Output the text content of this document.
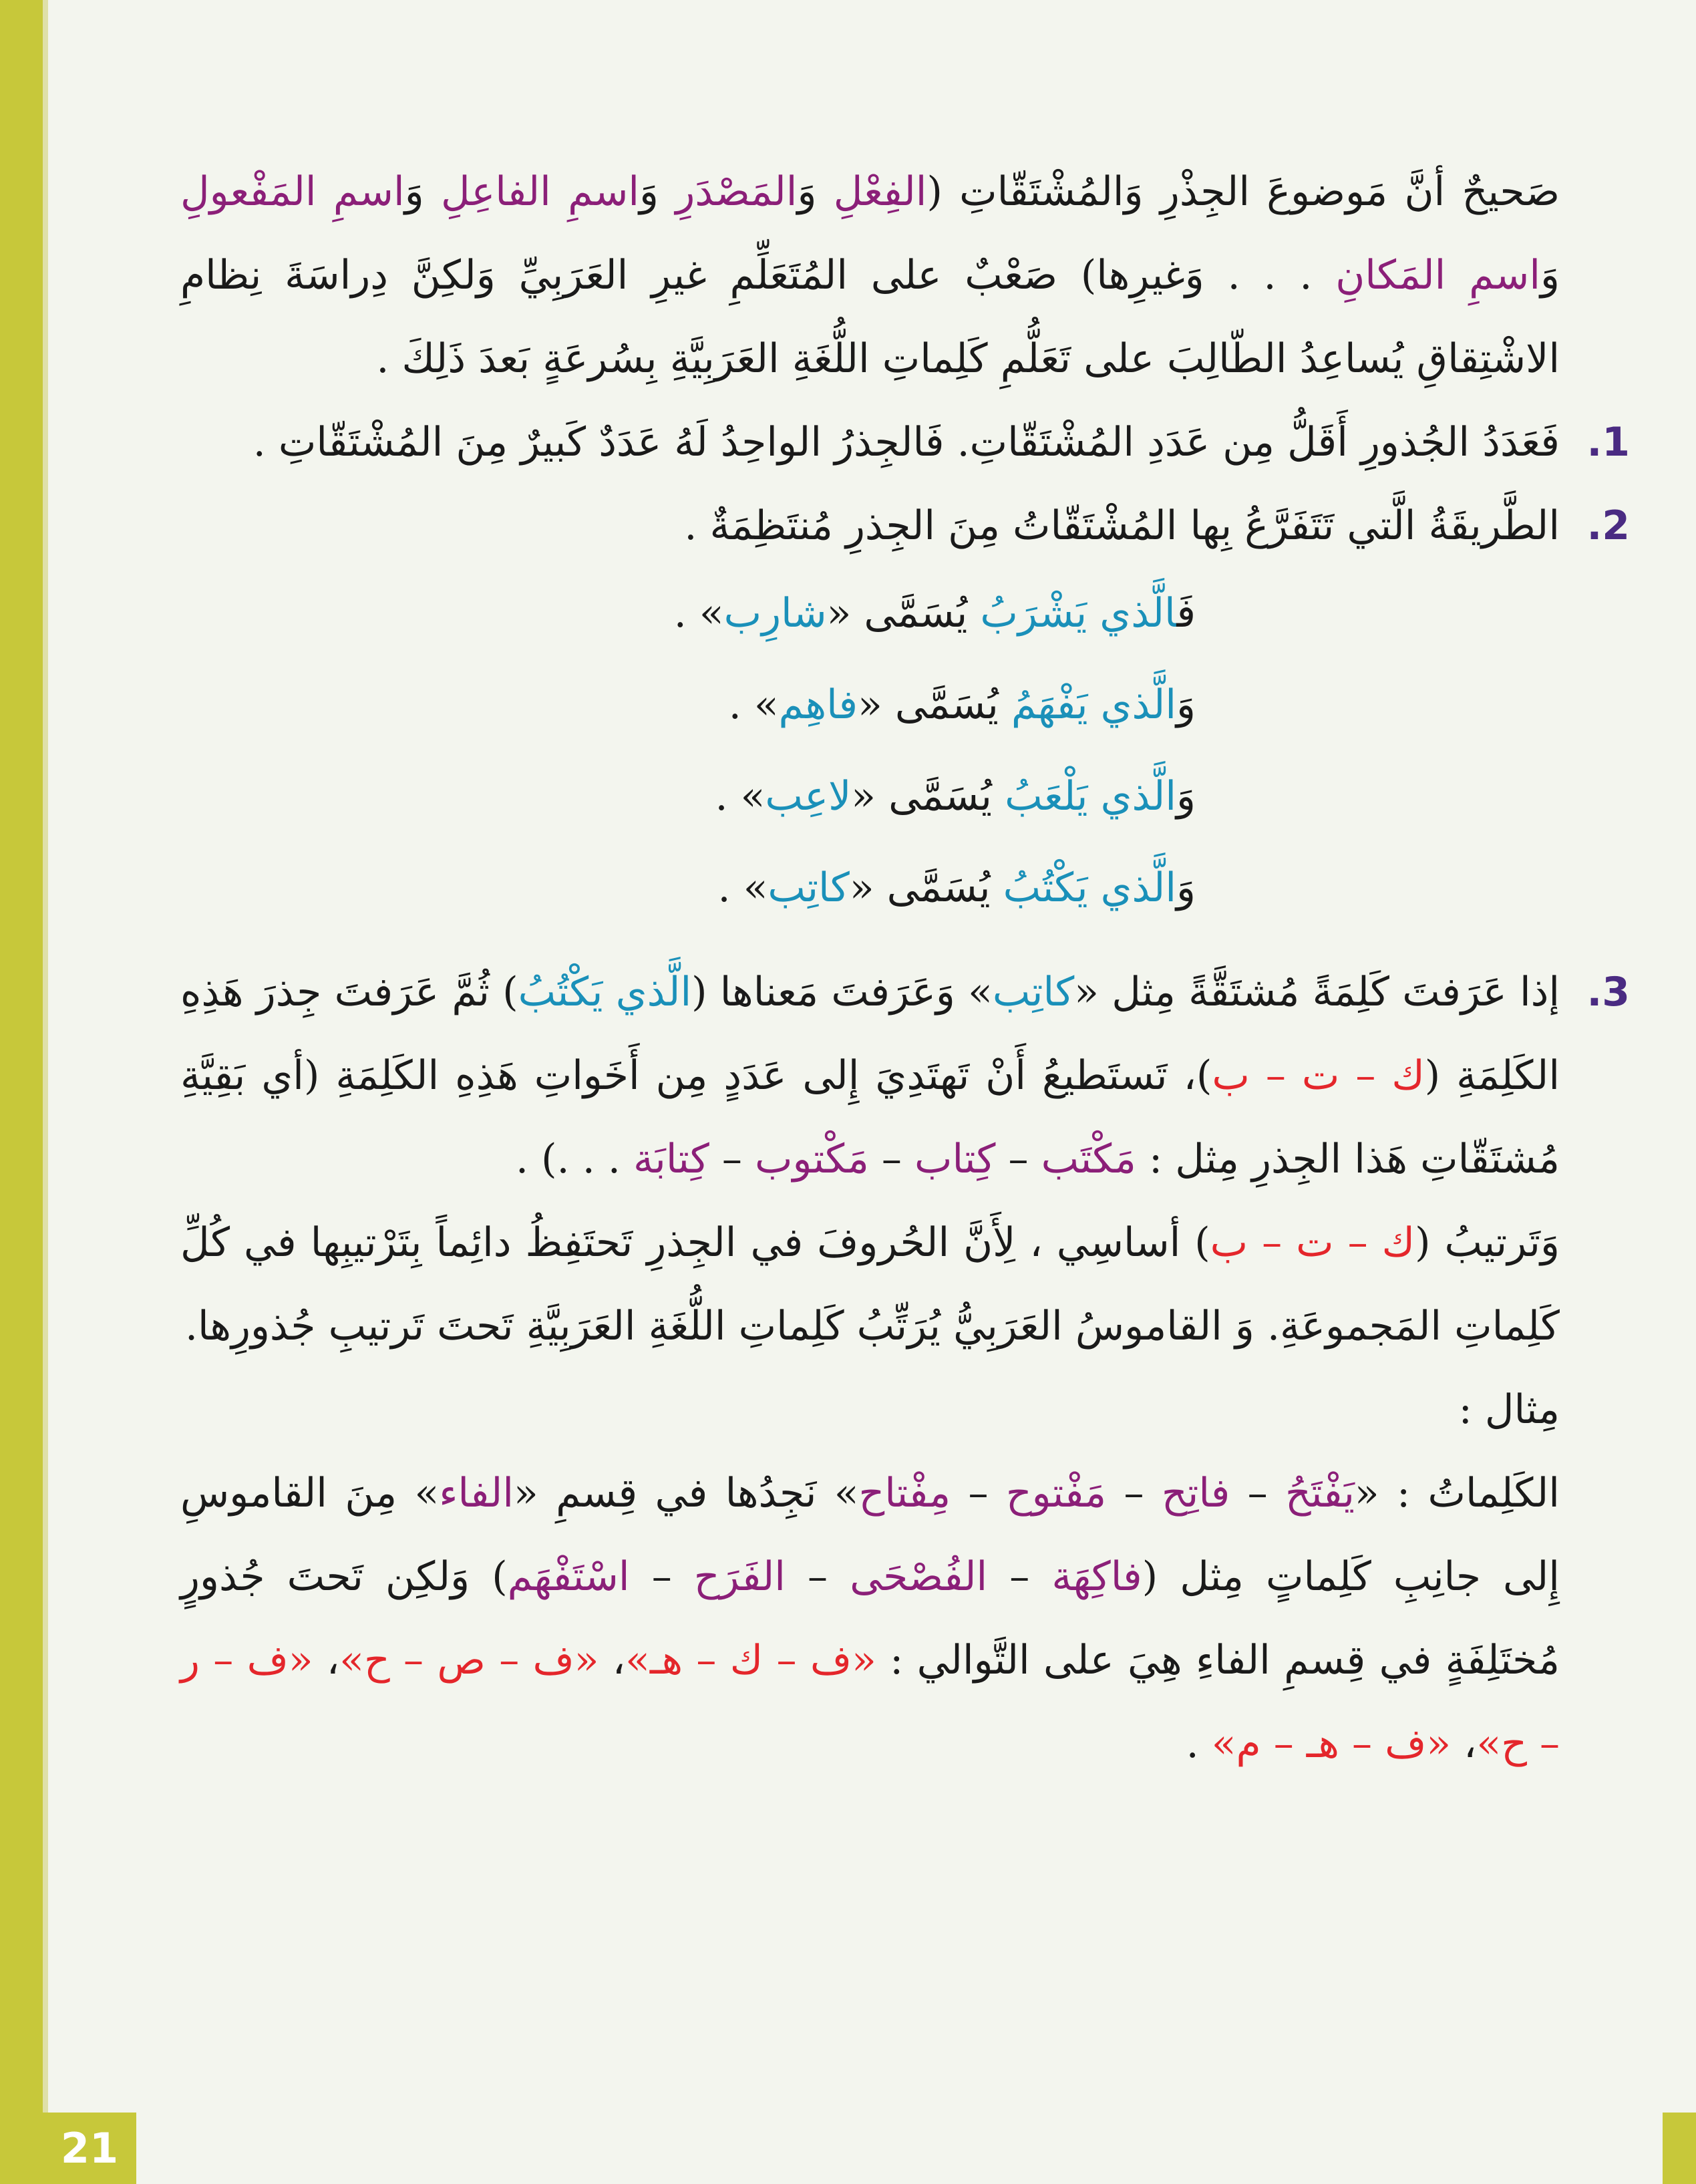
21

صَحيحٌ أنَّ مَوضوعَ الجِذْرِ وَالمُشْتَقّاتِ (الفِعْلِ وَالمَصْدَرِ وَاسمِ الفاعِلِ وَاسمِ المَفْعولِ وَاسمِ المَكانِ . . . وَغيرِها) صَعْبٌ على المُتَعَلِّمِ غيرِ العَرَبِيِّ وَلكِنَّ دِراسَةَ نِظامِ الاشْتِقاقِ يُساعِدُ الطّالِبَ على تَعَلُّمِ كَلِماتِ اللُّغَةِ العَرَبِيَّةِ بِسُرعَةٍ بَعدَ ذَلِكَ .

1.
فَعَدَدُ الجُذورِ أَقَلُّ مِن عَدَدِ المُشْتَقّاتِ. فَالجِذرُ الواحِدُ لَهُ عَدَدٌ كَبيرٌ مِنَ المُشْتَقّاتِ .

2.
الطَّريقَةُ الَّتي تَتَفَرَّعُ بِها المُشْتَقّاتُ مِنَ الجِذرِ مُنتَظِمَةٌ .

فَالَّذي يَشْرَبُ يُسَمَّى «شارِب» .

وَالَّذي يَفْهَمُ يُسَمَّى «فاهِم» .

وَالَّذي يَلْعَبُ يُسَمَّى «لاعِب» .

وَالَّذي يَكْتُبُ يُسَمَّى «كاتِب» .

3.
إذا عَرَفتَ كَلِمَةً مُشتَقَّةً مِثل «كاتِب» وَعَرَفتَ مَعناها (الَّذي يَكْتُبُ) ثُمَّ عَرَفتَ جِذرَ هَذِهِ الكَلِمَةِ (ك – ت – ب)، تَستَطيعُ أَنْ تَهتَدِيَ إِلى عَدَدٍ مِن أَخَواتِ هَذِهِ الكَلِمَةِ (أي بَقِيَّةِ مُشتَقّاتِ هَذا الجِذرِ مِثل : مَكْتَب – كِتاب – مَكْتوب – كِتابَة . . .) .

وَتَرتيبُ (ك – ت – ب) أساسِي ، لِأَنَّ الحُروفَ في الجِذرِ تَحتَفِظُ دائِماً بِتَرْتيبِها في كُلِّ كَلِماتِ المَجموعَةِ. وَ القاموسُ العَرَبِيُّ يُرَتِّبُ كَلِماتِ اللُّغَةِ العَرَبِيَّةِ تَحتَ تَرتيبِ جُذورِها.

مِثال :

الكَلِماتُ : «يَفْتَحُ – فاتِح – مَفْتوح – مِفْتاح» نَجِدُها في قِسمِ «الفاء» مِنَ القاموسِ إِلى جانِبِ كَلِماتٍ مِثل (فاكِهَة – الفُصْحَى – الفَرَح – اسْتَفْهَم) وَلكِن تَحتَ جُذورٍ مُختَلِفَةٍ في قِسمِ الفاءِ هِيَ على التَّوالي : «ف – ك – هـ»، «ف – ص – ح»، «ف – ر – ح»، «ف – هـ – م» .
